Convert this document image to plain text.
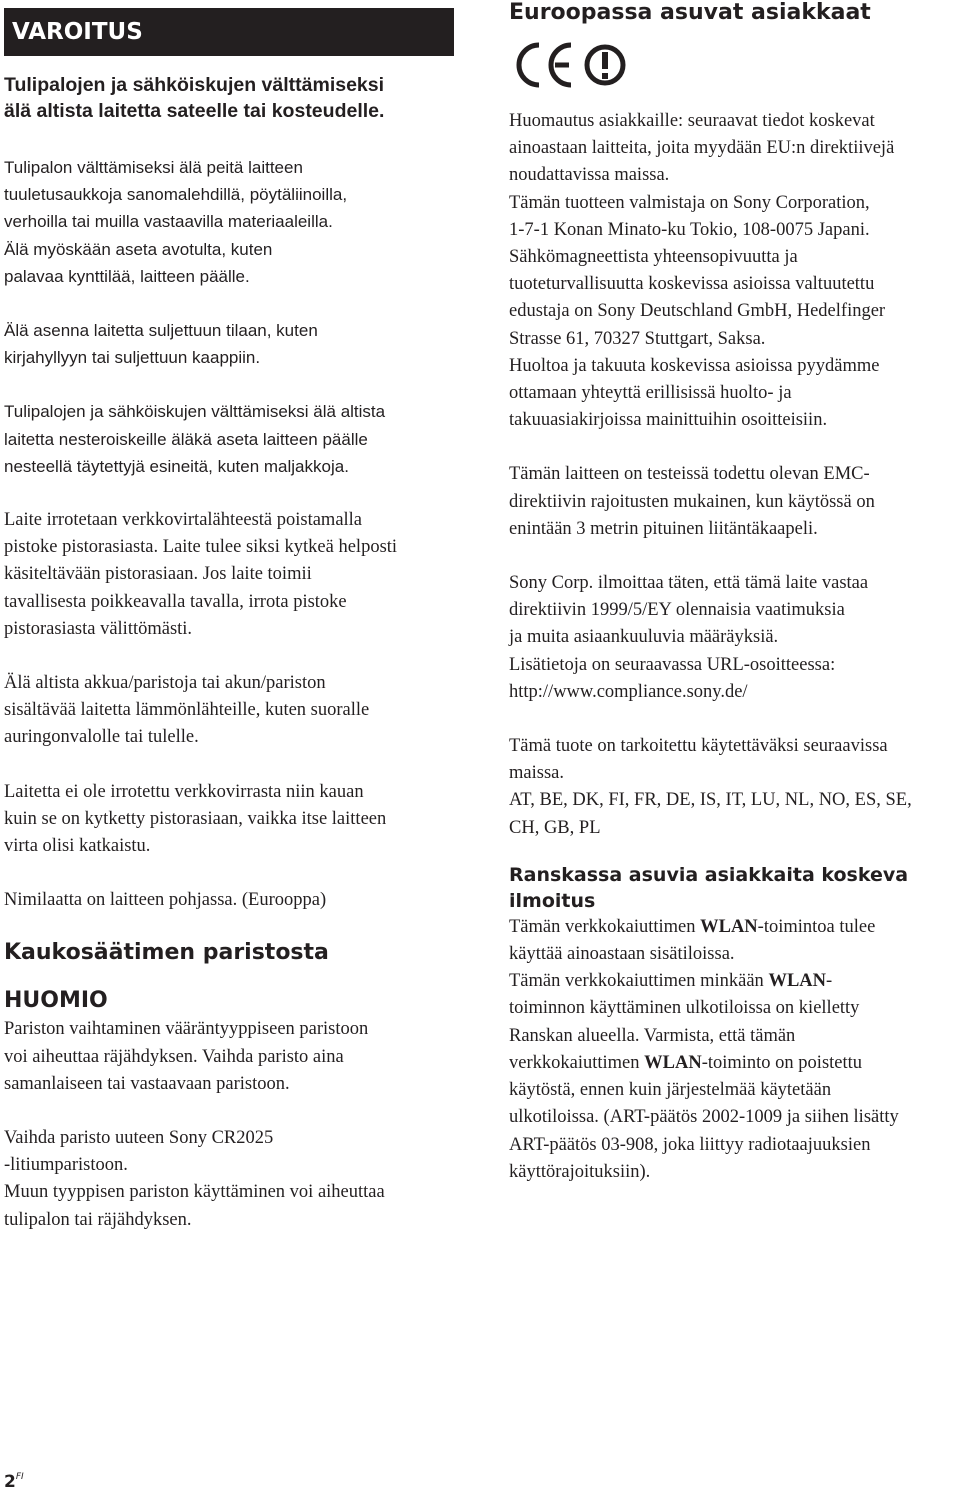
VAROITUS
Tulipalojen ja sähköiskujen välttämiseksi
älä altista laitetta sateelle tai kosteudelle.
Tulipalon välttämiseksi älä peitä laitteen
tuuletusaukkoja sanomalehdillä, pöytäliinoilla,
verhoilla tai muilla vastaavilla materiaaleilla.
Älä myöskään aseta avotulta, kuten
palavaa kynttilää, laitteen päälle.
Älä asenna laitetta suljettuun tilaan, kuten
kirjahyllyyn tai suljettuun kaappiin.
Tulipalojen ja sähköiskujen välttämiseksi älä altista
laitetta nesteroiskeille äläkä aseta laitteen päälle
nesteellä täytettyjä esineitä, kuten maljakkoja.
Laite irrotetaan verkkovirtalähteestä poistamalla
pistoke pistorasiasta. Laite tulee siksi kytkeä helposti
käsiteltävään pistorasiaan. Jos laite toimii
tavallisesta poikkeavalla tavalla, irrota pistoke
pistorasiasta välittömästi.
Älä altista akkua/paristoja tai akun/pariston
sisältävää laitetta lämmönlähteille, kuten suoralle
auringonvalolle tai tulelle.
Laitetta ei ole irrotettu verkkovirrasta niin kauan
kuin se on kytketty pistorasiaan, vaikka itse laitteen
virta olisi katkaistu.
Nimilaatta on laitteen pohjassa. (Eurooppa)
Kaukosäätimen paristosta
HUOMIO
Pariston vaihtaminen vääräntyyppiseen paristoon
voi aiheuttaa räjähdyksen. Vaihda paristo aina
samanlaiseen tai vastaavaan paristoon.
Vaihda paristo uuteen Sony CR2025
-litiumparistoon.
Muun tyyppisen pariston käyttäminen voi aiheuttaa
tulipalon tai räjähdyksen.
Euroopassa asuvat asiakkaat
Huomautus asiakkaille: seuraavat tiedot koskevat
ainoastaan laitteita, joita myydään EU:n direktiivejä
noudattavissa maissa.
Tämän tuotteen valmistaja on Sony Corporation,
1-7-1 Konan Minato-ku Tokio, 108-0075 Japani.
Sähkömagneettista yhteensopivuutta ja
tuoteturvallisuutta koskevissa asioissa valtuutettu
edustaja on Sony Deutschland GmbH, Hedelfinger
Strasse 61, 70327 Stuttgart, Saksa.
Huoltoa ja takuuta koskevissa asioissa pyydämme
ottamaan yhteyttä erillisissä huolto- ja
takuuasiakirjoissa mainittuihin osoitteisiin.
Tämän laitteen on testeissä todettu olevan EMC-
direktiivin rajoitusten mukainen, kun käytössä on
enintään 3 metrin pituinen liitäntäkaapeli.
Sony Corp. ilmoittaa täten, että tämä laite vastaa
direktiivin 1999/5/EY olennaisia vaatimuksia
ja muita asiaankuuluvia määräyksiä.
Lisätietoja on seuraavassa URL-osoitteessa:
http://www.compliance.sony.de/
Tämä tuote on tarkoitettu käytettäväksi seuraavissa
maissa.
AT, BE, DK, FI, FR, DE, IS, IT, LU, NL, NO, ES, SE,
CH, GB, PL
Ranskassa asuvia asiakkaita koskeva
ilmoitus
Tämän verkkokaiuttimen WLAN-toimintoa tulee
käyttää ainoastaan sisätiloissa.
Tämän verkkokaiuttimen minkään WLAN-
toiminnon käyttäminen ulkotiloissa on kielletty
Ranskan alueella. Varmista, että tämän
verkkokaiuttimen WLAN-toiminto on poistettu
käytöstä, ennen kuin järjestelmää käytetään
ulkotiloissa. (ART-päätös 2002-1009 ja siihen lisätty
ART-päätös 03-908, joka liittyy radiotaajuuksien
käyttörajoituksiin).
$2^{FI}$
